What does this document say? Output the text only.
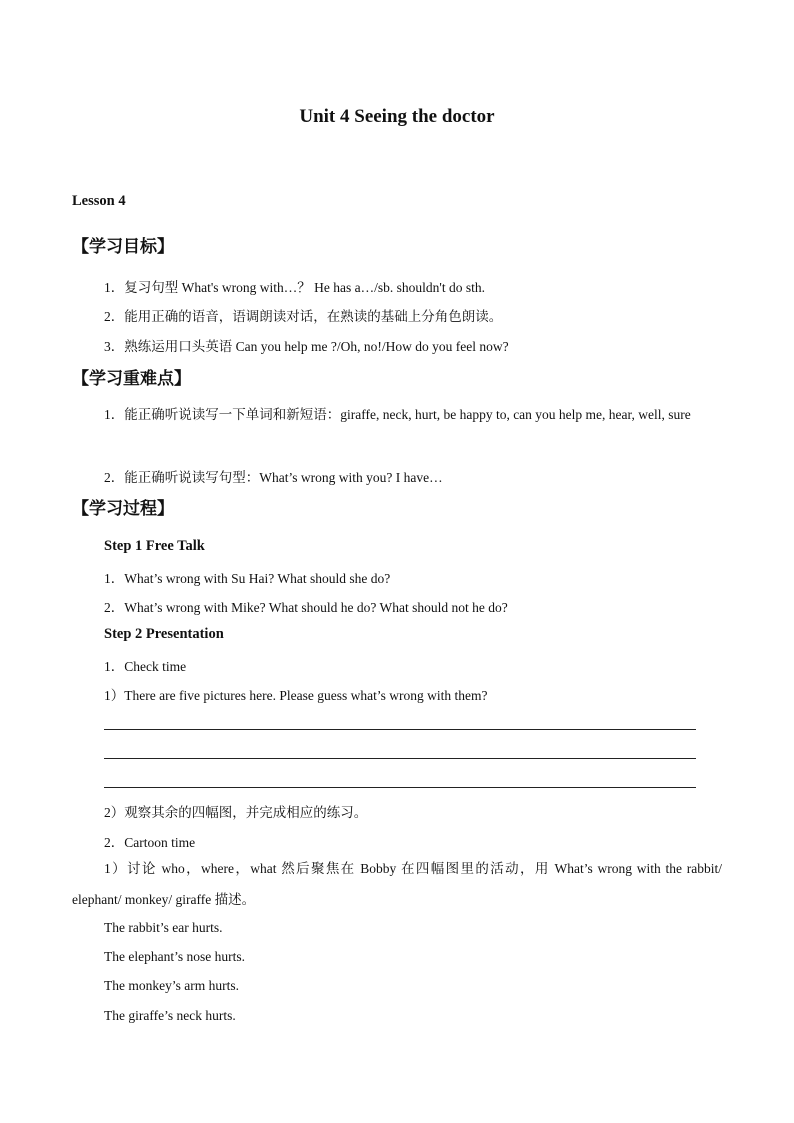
Unit 4 Seeing the doctor
Lesson 4
【学习目标】
1．复习句型 What's wrong with…？ He has a…/sb. shouldn't do sth.
2．能用正确的语音，语调朗读对话，在熟读的基础上分角色朗读。
3．熟练运用口头英语 Can you help me ?/Oh, no!/How do you feel now?
【学习重难点】
1．能正确听说读写一下单词和新短语：giraffe, neck, hurt, be happy to, can you help me, hear, well, sure
2．能正确听说读写句型：What’s wrong with you? I have…
【学习过程】
Step 1 Free Talk
1．What’s wrong with Su Hai? What should she do?
2．What’s wrong with Mike? What should he do? What should not he do?
Step 2 Presentation
1．Check time
1）There are five pictures here. Please guess what’s wrong with them?
2）观察其余的四幅图，并完成相应的练习。
2．Cartoon time
1）讨论 who，where，what 然后聚焦在 Bobby 在四幅图里的活动，用 What’s wrong with the rabbit/ elephant/ monkey/ giraffe 描述。
The rabbit’s ear hurts.
The elephant’s nose hurts.
The monkey’s arm hurts.
The giraffe’s neck hurts.
